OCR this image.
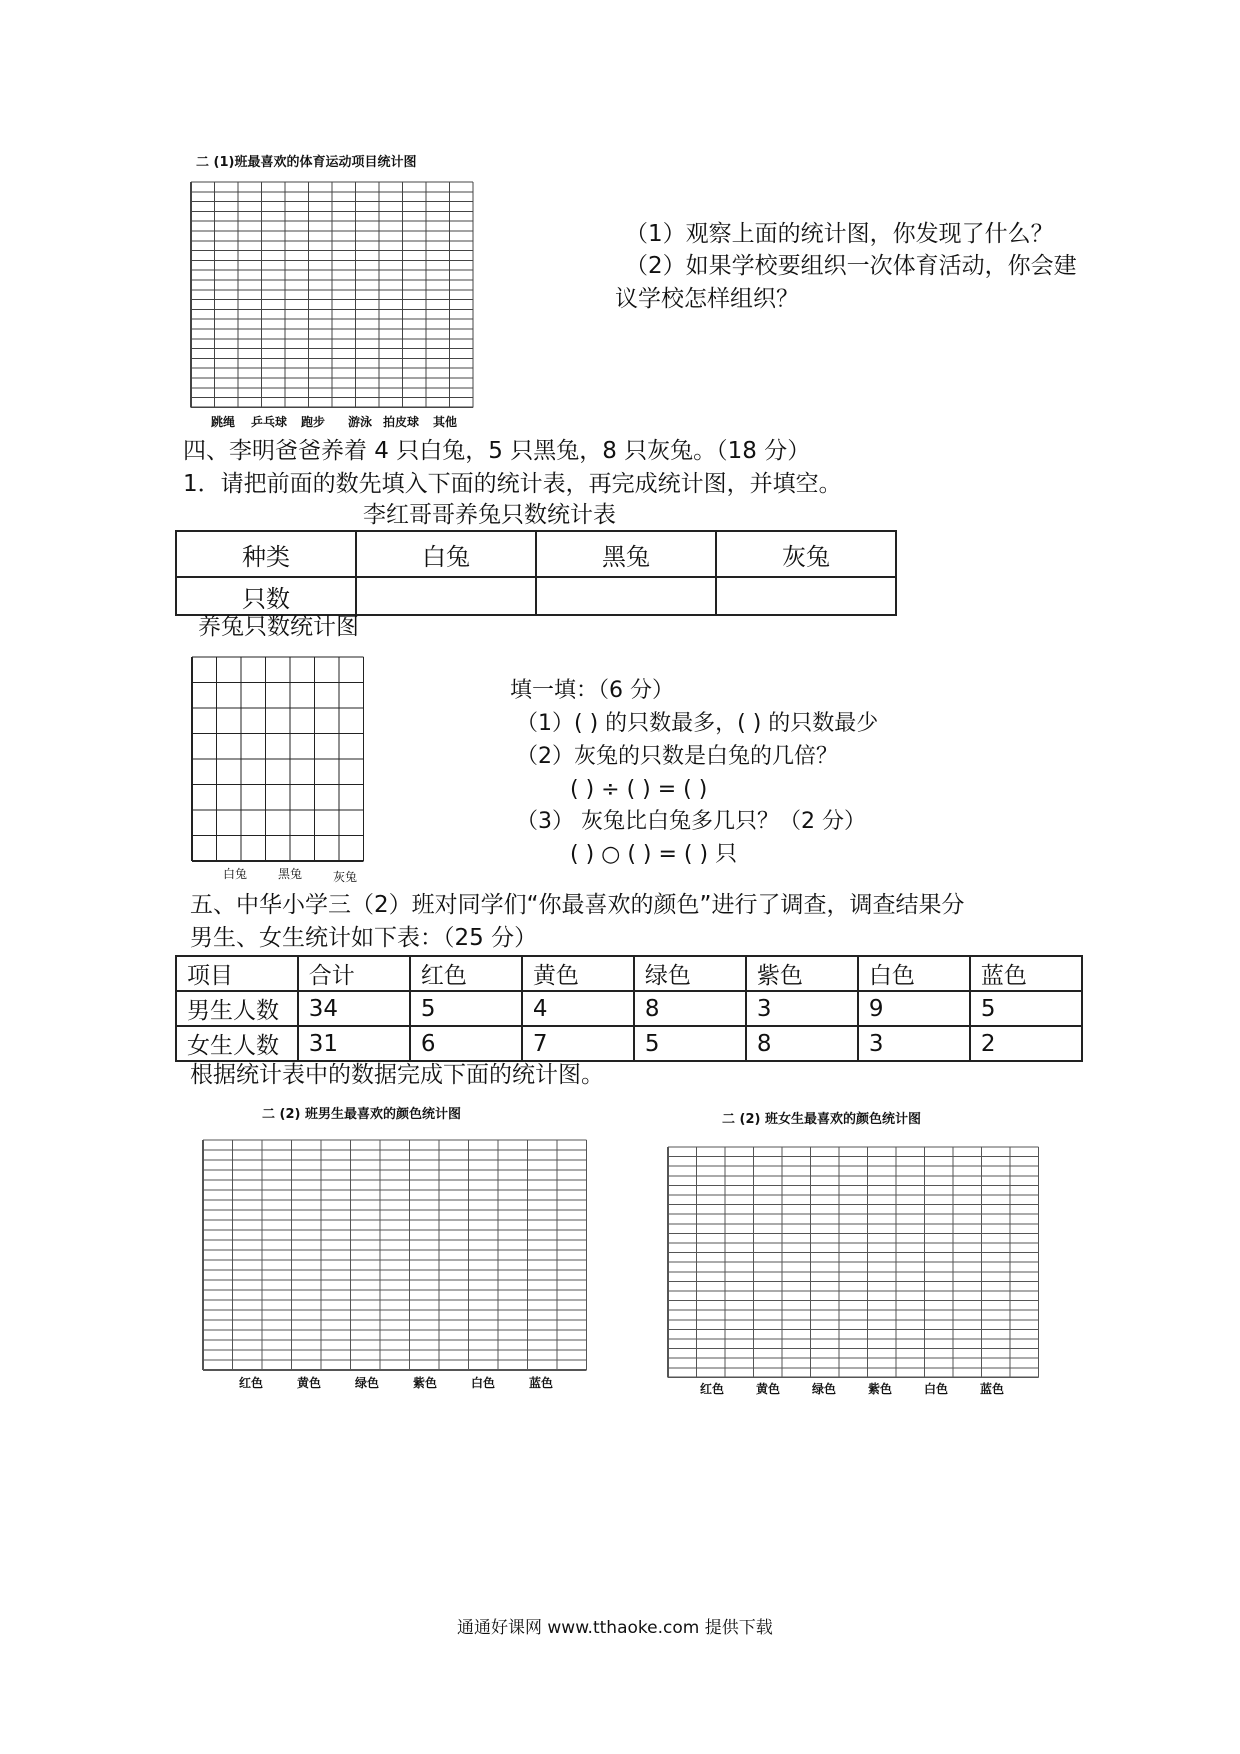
二 (1)班最喜欢的体育运动项目统计图
跳绳	乒乓球	跑步	游泳 拍皮球	其他
（1）观察上面的统计图，你发现了什么？
（2）如果学校要组织一次体育活动，你会建
议学校怎样组织？
四、李明爸爸养着 4 只白兔，5 只黑兔，8 只灰兔。（18 分）
1．请把前面的数先填入下面的统计表，再完成统计图，并填空。
李红哥哥养兔只数统计表
种类	白兔	黑兔	灰兔
只数			
养兔只数统计图
白兔	黑兔	灰兔
填一填：（6 分）
（1）( ) 的只数最多，( ) 的只数最少
（2）灰兔的只数是白兔的几倍？
( ) ÷ ( ) = ( )
（3） 灰兔比白兔多几只？（2 分）
( ) ○ ( ) = ( ) 只
五、中华小学三（2）班对同学们“你最喜欢的颜色”进行了调查，调查结果分
男生、女生统计如下表：（25 分）
项目	合计	红色	黄色	绿色	紫色	白色	蓝色
男生人数	34	5	4	8	3	9	5
女生人数	31	6	7	5	8	3	2
根据统计表中的数据完成下面的统计图。
二 (2) 班男生最喜欢的颜色统计图
红色	黄色	绿色	紫色	白色	蓝色
二 (2) 班女生最喜欢的颜色统计图
红色	黄色	绿色	紫色	白色	蓝色
通通好课网 www.tthaoke.com 提供下载
